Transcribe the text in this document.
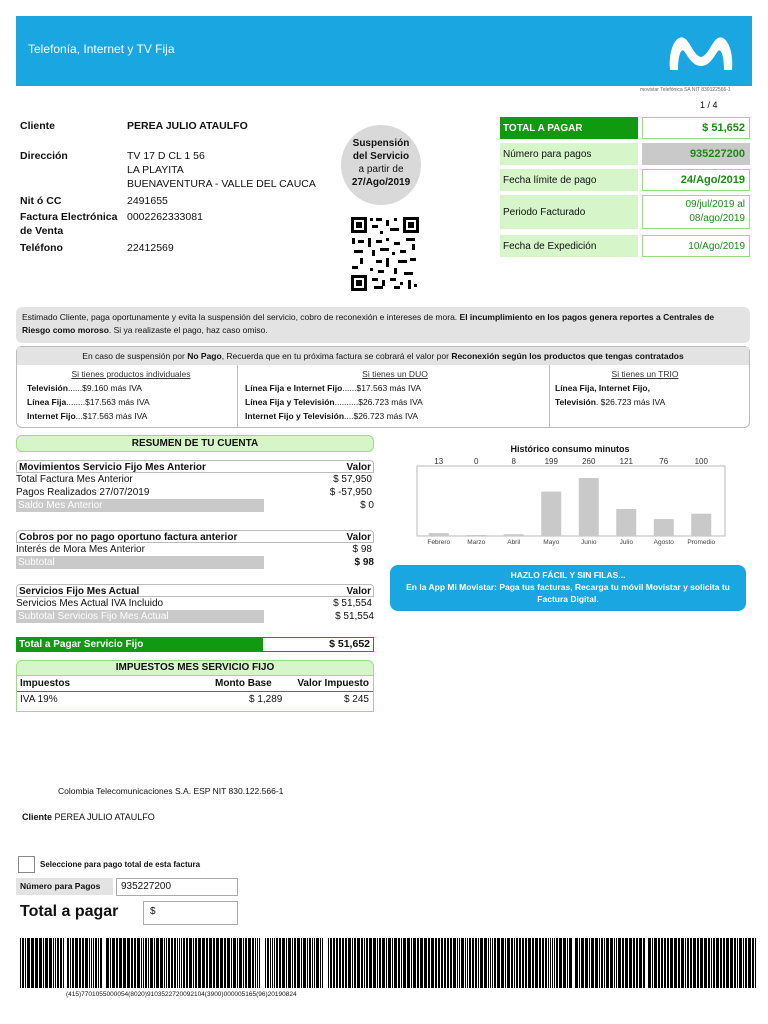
Telefonía, Internet y TV Fija
movistar Telefónica SA NIT 830122566-1
1 / 4
Cliente	PEREA JULIO ATAULFO
Dirección	TV 17 D CL 1 56
LA PLAYITA
BUENAVENTURA - VALLE DEL CAUCA
Nit ó CC	2491655
Factura Electrónica
de Venta
0002262333081
Teléfono	22412569
Suspensión
del Servicio
a partir de
27/Ago/2019
TOTAL A PAGAR	$ 51,652
Número para pagos	935227200
Fecha límite de pago	24/Ago/2019
Periodo Facturado
09/jul/2019 al 08/ago/2019
Fecha de Expedición	10/Ago/2019
Estimado Cliente, paga oportunamente y evita la suspensión del servicio, cobro de reconexión e intereses de mora. El incumplimiento en los pagos genera reportes a Centrales de Riesgo como moroso. Si ya realizaste el pago, haz caso omiso.
En caso de suspensión por No Pago, Recuerda que en tu próxima factura se cobrará el valor por Reconexión según los productos que tengas contratados
Si tienes productos individuales
Televisión......$9.160 más IVA
Línea Fija........$17.563 más IVA
Internet Fijo...$17.563 más IVA
Si tienes un DUO
Línea Fija e Internet Fijo......$17.563 más IVA
Línea Fija y Televisión..........$26.723 más IVA
Internet Fijo y Televisión....$26.723 más IVA
Si tienes un TRIO
Línea Fija, Internet Fijo,
Televisión. $26.723 más IVA
RESUMEN DE TU CUENTA
Movimientos Servicio Fijo Mes Anterior	Valor
Total Factura Mes Anterior	$ 57,950
Pagos Realizados 27/07/2019	$ -57,950
Saldo Mes Anterior	$ 0
Cobros por no pago oportuno factura anterior	Valor
Interés de Mora Mes Anterior	$ 98
Subtotal	$ 98
Servicios Fijo Mes Actual	Valor
Servicios Mes Actual IVA Incluido	$ 51,554
Subtotal Servicios Fijo Mes Actual	$ 51,554
Total a Pagar Servicio Fijo	$ 51,652
IMPUESTOS MES SERVICIO FIJO
Impuestos	Monto Base	Valor Impuesto
IVA 19%	$ 1,289	$ 245
Histórico consumo minutos
13
Febrero
0
Marzo
8
Abril
199
Mayo
260
Junio
121
Julio
76
Agosto
100
Promedio
HAZLO FÁCIL Y SIN FILAS...
En la App Mi Movistar: Paga tus facturas, Recarga tu móvil Movistar y solicita tu Factura Digital.
Colombia Telecomunicaciones S.A. ESP NIT 830.122.566-1
Cliente PEREA JULIO ATAULFO
Seleccione para pago total de esta factura
Número para Pagos	935227200
Total a pagar	$
(415)7701055000054(8020)9103522720092104(3900)000005165(96)20190824
